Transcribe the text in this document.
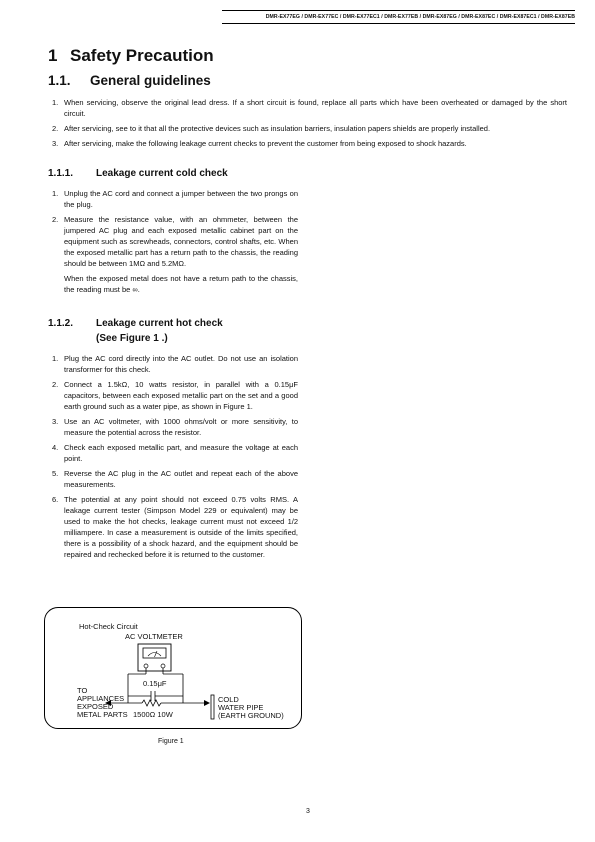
DMR-EX77EG / DMR-EX77EC / DMR-EX77EC1 / DMR-EX77EB / DMR-EX87EG / DMR-EX87EC / DMR-EX87EC1 / DMR-EX87EB
1 Safety Precaution
1.1. General guidelines
1. When servicing, observe the original lead dress. If a short circuit is found, replace all parts which have been overheated or damaged by the short circuit.

2. After servicing, see to it that all the protective devices such as insulation barriers, insulation papers shields are properly installed.

3. After servicing, make the following leakage current checks to prevent the customer from being exposed to shock hazards.

1.1.1. Leakage current cold check
1. Unplug the AC cord and connect a jumper between the two prongs on the plug.

2. Measure the resistance value, with an ohmmeter, between the jumpered AC plug and each exposed metallic cabinet part on the equipment such as screwheads, connectors, control shafts, etc. When the exposed metallic part has a return path to the chassis, the reading should be between 1MΩ and 5.2MΩ.

When the exposed metal does not have a return path to the chassis, the reading must be ∞.

1.1.2. Leakage current hot check
(See Figure 1 .)
1. Plug the AC cord directly into the AC outlet. Do not use an isolation transformer for this check.

2. Connect a 1.5kΩ, 10 watts resistor, in parallel with a 0.15μF capacitors, between each exposed metallic part on the set and a good earth ground such as a water pipe, as shown in Figure 1.

3. Use an AC voltmeter, with 1000 ohms/volt or more sensitivity, to measure the potential across the resistor.

4. Check each exposed metallic part, and measure the voltage at each point.

5. Reverse the AC plug in the AC outlet and repeat each of the above measurements.

6. The potential at any point should not exceed 0.75 volts RMS. A leakage current tester (Simpson Model 229 or equivalent) may be used to make the hot checks, leakage current must not exceed 1/2 milliampere. In case a measurement is outside of the limits specified, there is a possibility of a shock hazard, and the equipment should be repaired and rechecked before it is returned to the customer.

Hot-Check Circuit
AC VOLTMETER
0.15μF
TO
APPLIANCES
EXPOSED
METAL PARTS 1500Ω 10W
COLD
WATER PIPE
(EARTH GROUND)
Figure 1
3
